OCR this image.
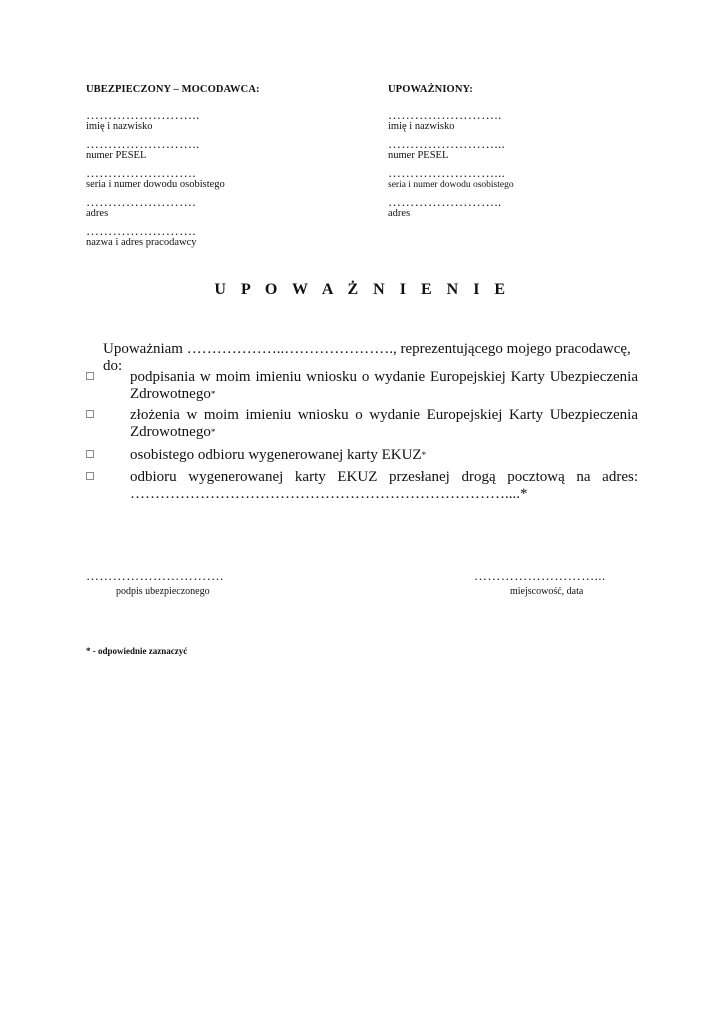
UBEZPIECZONY – MOCODAWCA:
……………………..
imię i nazwisko
……………………..
numer PESEL
…………………….
seria i numer dowodu osobistego
…………………….
adres
…………………….
nazwa i adres pracodawcy
UPOWAŻNIONY:
……………………..
imię i nazwisko
……………………...
numer PESEL
……………………...
seria i numer dowodu osobistego
……………………..
adres
U P O W A Ż N I E N I E
Upoważniam ………………..…………………., reprezentującego mojego pracodawcę, do:
podpisania w moim imieniu wniosku o wydanie Europejskiej Karty Ubezpieczenia Zdrowotnego*
złożenia w moim imieniu wniosku o wydanie Europejskiej Karty Ubezpieczenia Zdrowotnego*
osobistego odbioru wygenerowanej karty EKUZ*
odbioru wygenerowanej karty EKUZ przesłanej drogą pocztową na adres:
…………………………………………………………………....*
………………………….
podpis ubezpieczonego
………………………...
miejscowość, data
* - odpowiednie zaznaczyć
